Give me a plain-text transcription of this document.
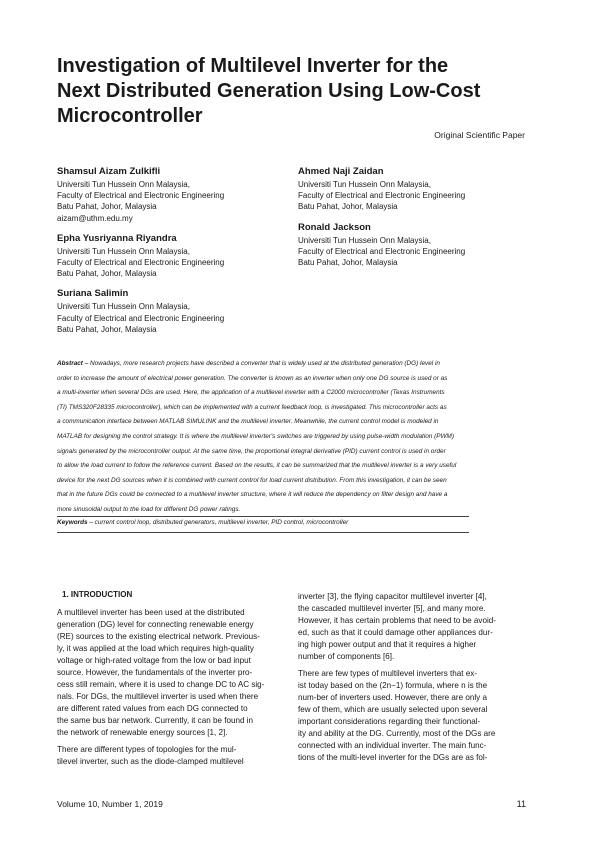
Investigation of Multilevel Inverter for the
Next Distributed Generation Using Low-Cost
Microcontroller
Original Scientific Paper
Shamsul Aizam Zulkifli
Universiti Tun Hussein Onn Malaysia,
Faculty of Electrical and Electronic Engineering
Batu Pahat, Johor, Malaysia
aizam@uthm.edu.my
Epha Yusriyanna Riyandra
Universiti Tun Hussein Onn Malaysia,
Faculty of Electrical and Electronic Engineering
Batu Pahat, Johor, Malaysia
Suriana Salimin
Universiti Tun Hussein Onn Malaysia,
Faculty of Electrical and Electronic Engineering
Batu Pahat, Johor, Malaysia
Ahmed Naji Zaidan
Universiti Tun Hussein Onn Malaysia,
Faculty of Electrical and Electronic Engineering
Batu Pahat, Johor, Malaysia
Ronald Jackson
Universiti Tun Hussein Onn Malaysia,
Faculty of Electrical and Electronic Engineering
Batu Pahat, Johor, Malaysia
Abstract – Nowadays, more research projects have described a converter that is widely used at the distributed generation (DG) level in
order to increase the amount of electrical power generation. The converter is known as an inverter when only one DG source is used or as
a multi-inverter when several DGs are used. Here, the application of a multilevel inverter with a C2000 microcontroller (Texas Instruments
(TI) TMS320F28335 microcontroller), which can be implemented with a current feedback loop, is investigated. This microcontroller acts as
a communication interface between MATLAB SIMULINK and the multilevel inverter. Meanwhile, the current control model is modeled in
MATLAB for designing the control strategy. It is where the multilevel inverter's switches are triggered by using pulse-width modulation (PWM)
signals generated by the microcontroller output. At the same time, the proportional integral derivative (PID) current control is used in order
to allow the load current to follow the reference current. Based on the results, it can be summarized that the multilevel inverter is a very useful
device for the next DG sources when it is combined with current control for load current distribution. From this investigation, it can be seen
that in the future DGs could be connected to a multilevel inverter structure, where it will reduce the dependency on filter design and have a
more sinusoidal output to the load for different DG power ratings.
Keywords – current control loop, distributed generators, multilevel inverter, PID control, microcontroller
1. INTRODUCTION

A multilevel inverter has been used at the distributed
generation (DG) level for connecting renewable energy
(RE) sources to the existing electrical network. Previous-
ly, it was applied at the load which requires high-quality
voltage or high-rated voltage from the low or bad input
source. However, the fundamentals of the inverter pro-
cess still remain, where it is used to change DC to AC sig-
nals. For DGs, the multilevel inverter is used when there
are different rated values from each DG connected to
the same bus bar network. Currently, it can be found in
the network of renewable energy sources [1, 2].

There are different types of topologies for the mul-
tilevel inverter, such as the diode-clamped multilevel

inverter [3], the flying capacitor multilevel inverter [4],
the cascaded multilevel inverter [5], and many more.
However, it has certain problems that need to be avoid-
ed, such as that it could damage other appliances dur-
ing high power output and that it requires a higher
number of components [6].

There are few types of multilevel inverters that ex-
ist today based on the (2n−1) formula, where n is the
num-ber of inverters used. However, there are only a
few of them, which are usually selected upon several
important considerations regarding their functional-
ity and ability at the DG. Currently, most of the DGs are
connected with an individual inverter. The main func-
tions of the multi-level inverter for the DGs are as fol-

Volume 10, Number 1, 2019	11
